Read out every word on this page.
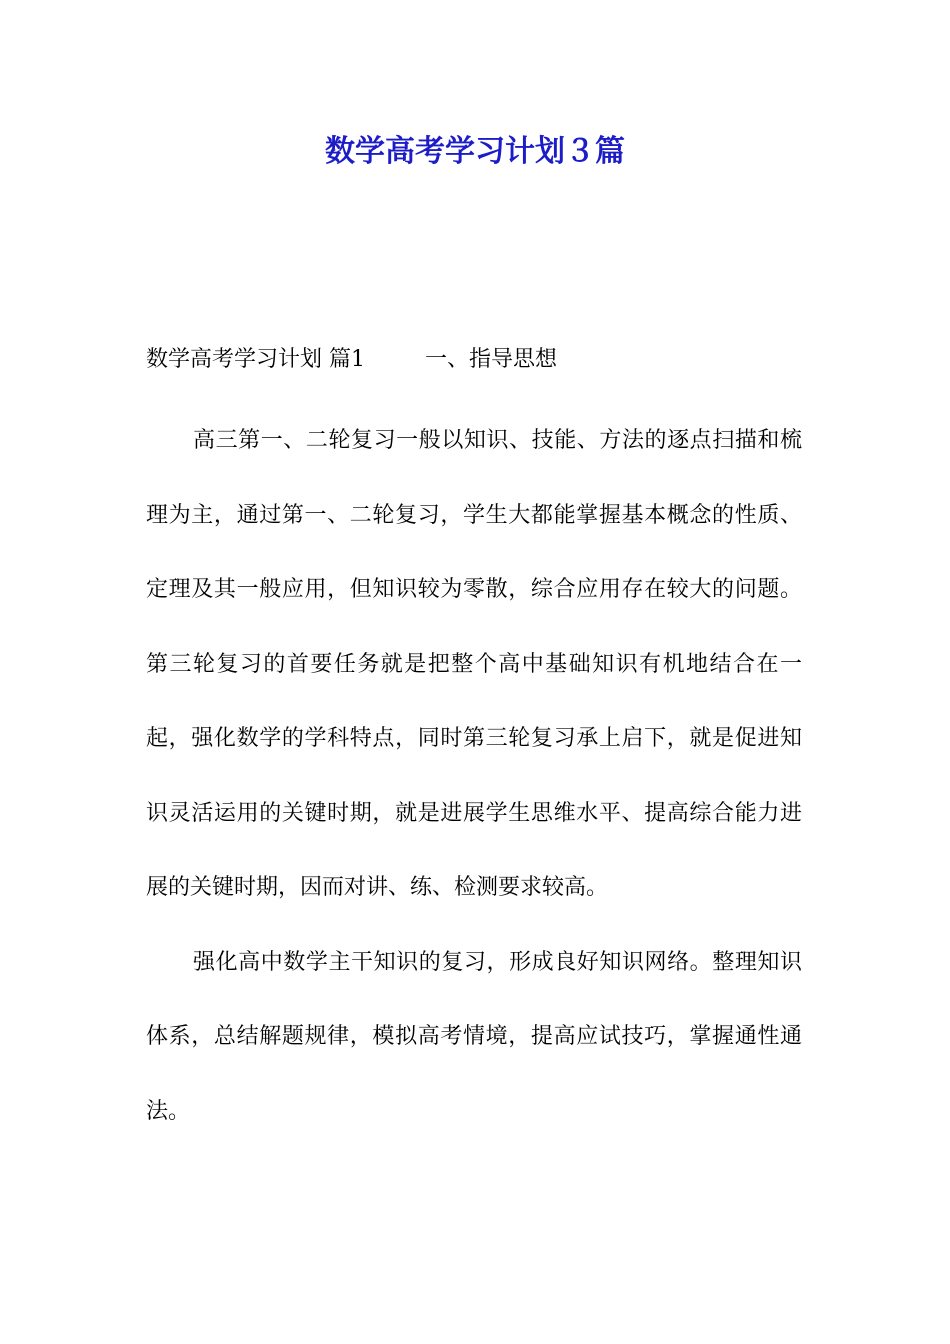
数学高考学习计划３篇
数学高考学习计划 篇1	一、指导思想

高三第一、二轮复习一般以知识、技能、方法的逐点扫描和梳理为主，通过第一、二轮复习，学生大都能掌握基本概念的性质、定理及其一般应用，但知识较为零散，综合应用存在较大的问题。第三轮复习的首要任务就是把整个高中基础知识有机地结合在一起，强化数学的学科特点，同时第三轮复习承上启下，就是促进知识灵活运用的关键时期，就是进展学生思维水平、提高综合能力进展的关键时期，因而对讲、练、检测要求较高。

强化高中数学主干知识的复习，形成良好知识网络。整理知识体系，总结解题规律，模拟高考情境，提高应试技巧，掌握通性通法。
